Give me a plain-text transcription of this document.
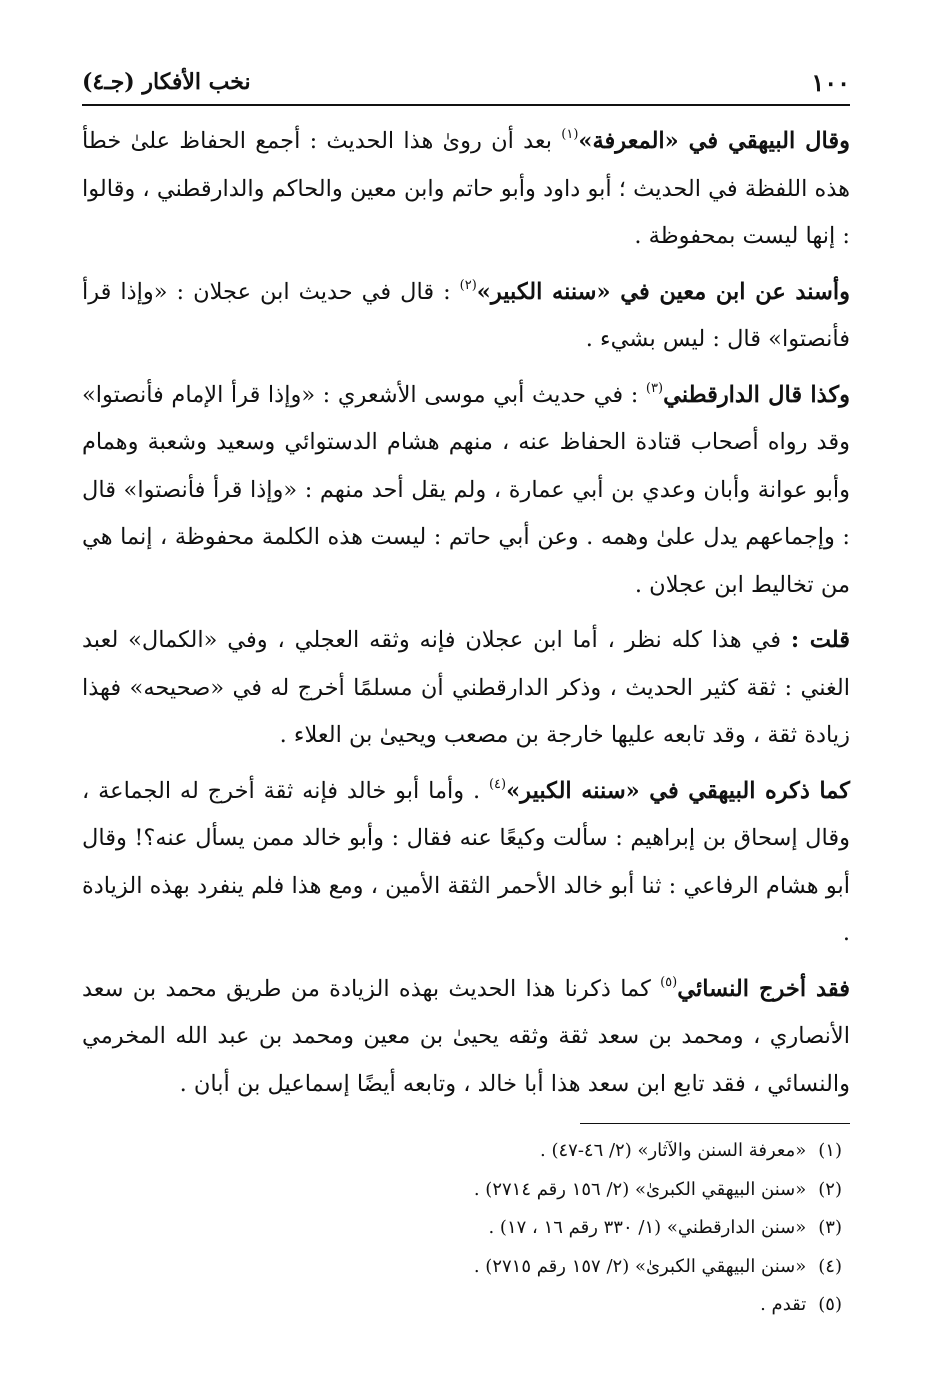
١٠٠
نخب الأفكار (جـ٤)

وقال البيهقي في «المعرفة»$^{(١)}$ بعد أن روىٰ هذا الحديث : أجمع الحفاظ علىٰ خطأ هذه اللفظة في الحديث ؛ أبو داود وأبو حاتم وابن معين والحاكم والدارقطني ، وقالوا : إنها ليست بمحفوظة .

وأسند عن ابن معين في «سننه الكبير»$^{(٢)}$ : قال في حديث ابن عجلان : «وإذا قرأ فأنصتوا» قال : ليس بشيء .

وكذا قال الدارقطني$^{(٣)}$ : في حديث أبي موسى الأشعري : «وإذا قرأ الإمام فأنصتوا» وقد رواه أصحاب قتادة الحفاظ عنه ، منهم هشام الدستوائي وسعيد وشعبة وهمام وأبو عوانة وأبان وعدي بن أبي عمارة ، ولم يقل أحد منهم : «وإذا قرأ فأنصتوا» قال : وإجماعهم يدل علىٰ وهمه . وعن أبي حاتم : ليست هذه الكلمة محفوظة ، إنما هي من تخاليط ابن عجلان .

قلت : في هذا كله نظر ، أما ابن عجلان فإنه وثقه العجلي ، وفي «الكمال» لعبد الغني : ثقة كثير الحديث ، وذكر الدارقطني أن مسلمًا أخرج له في «صحيحه» فهذا زيادة ثقة ، وقد تابعه عليها خارجة بن مصعب ويحيىٰ بن العلاء .

كما ذكره البيهقي في «سننه الكبير»$^{(٤)}$ . وأما أبو خالد فإنه ثقة أخرج له الجماعة ، وقال إسحاق بن إبراهيم : سألت وكيعًا عنه فقال : وأبو خالد ممن يسأل عنه؟! وقال أبو هشام الرفاعي : ثنا أبو خالد الأحمر الثقة الأمين ، ومع هذا فلم ينفرد بهذه الزيادة .

فقد أخرج النسائي$^{(٥)}$ كما ذكرنا هذا الحديث بهذه الزيادة من طريق محمد بن سعد الأنصاري ، ومحمد بن سعد ثقة وثقه يحيىٰ بن معين ومحمد بن عبد الله المخرمي والنسائي ، فقد تابع ابن سعد هذا أبا خالد ، وتابعه أيضًا إسماعيل بن أبان .

(١) «معرفة السنن والآثار» (٢/ ٤٦-٤٧) .

(٢) «سنن البيهقي الكبرىٰ» (٢/ ١٥٦ رقم ٢٧١٤) .

(٣) «سنن الدارقطني» (١/ ٣٣٠ رقم ١٦ ، ١٧) .

(٤) «سنن البيهقي الكبرىٰ» (٢/ ١٥٧ رقم ٢٧١٥) .

(٥) تقدم .
